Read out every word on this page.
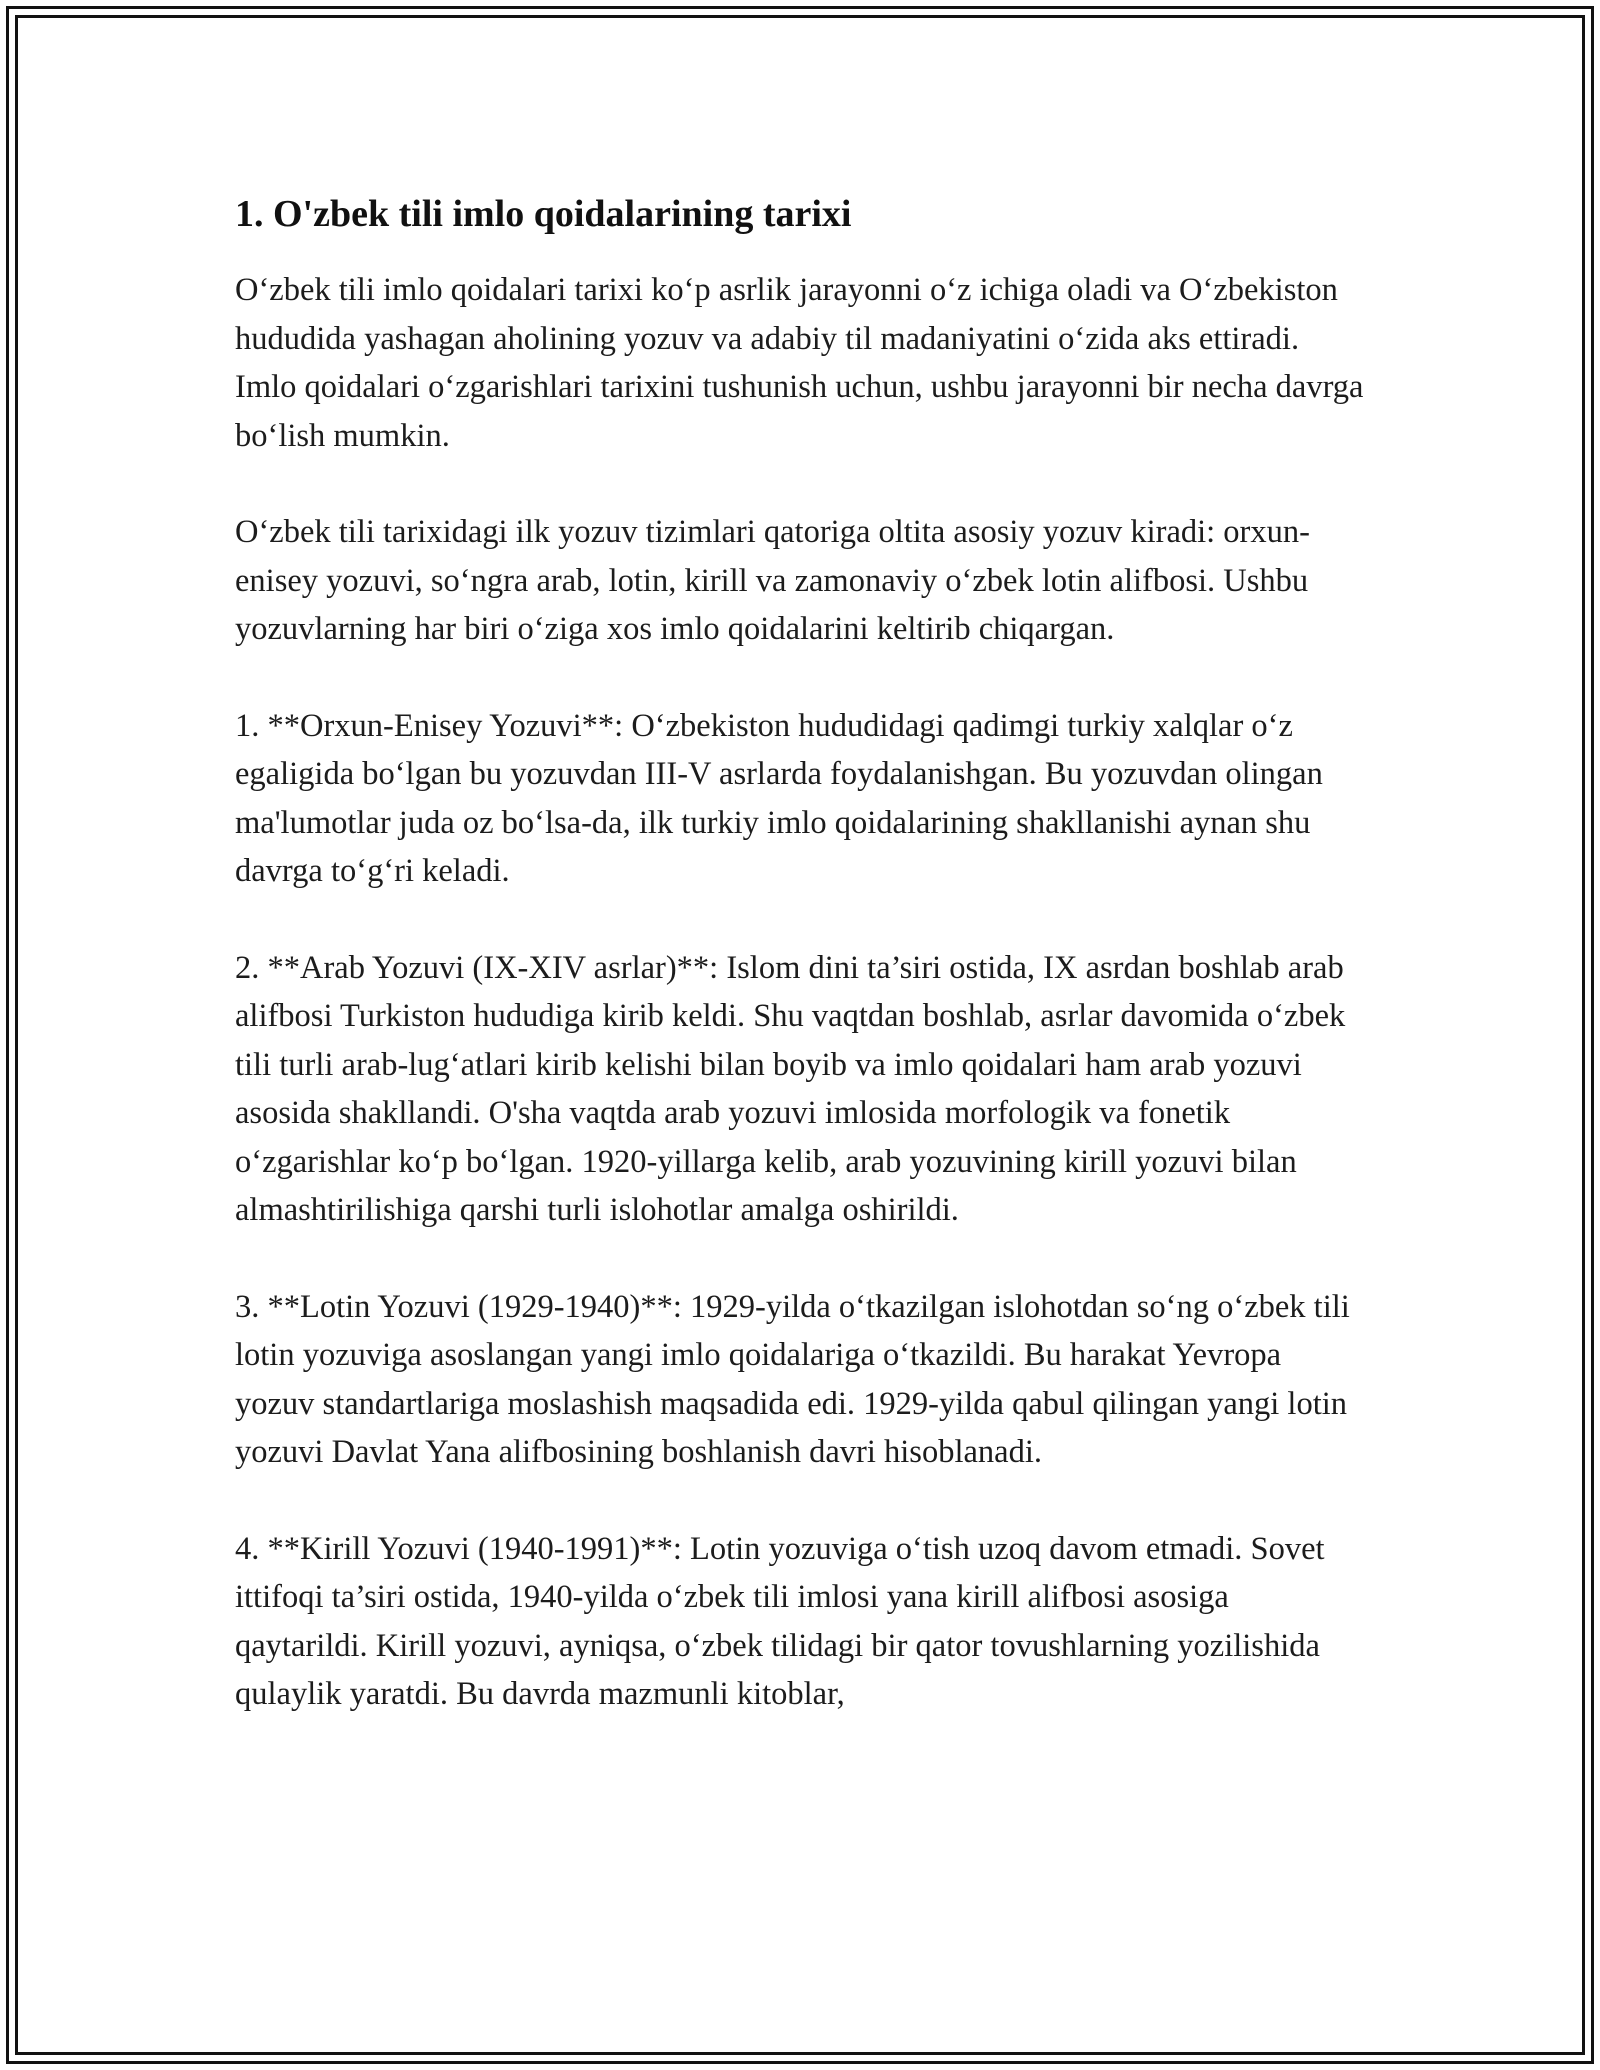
1. O'zbek tili imlo qoidalarining tarixi

O‘zbek tili imlo qoidalari tarixi ko‘p asrlik jarayonni o‘z ichiga oladi va O‘zbekiston hududida yashagan aholining yozuv va adabiy til madaniyatini o‘zida aks ettiradi. Imlo qoidalari o‘zgarishlari tarixini tushunish uchun, ushbu jarayonni bir necha davrga bo‘lish mumkin.

O‘zbek tili tarixidagi ilk yozuv tizimlari qatoriga oltita asosiy yozuv kiradi: orxun-enisey yozuvi, so‘ngra arab, lotin, kirill va zamonaviy o‘zbek lotin alifbosi. Ushbu yozuvlarning har biri o‘ziga xos imlo qoidalarini keltirib chiqargan.

1. **Orxun-Enisey Yozuvi**: O‘zbekiston hududidagi qadimgi turkiy xalqlar o‘z egaligida bo‘lgan bu yozuvdan III-V asrlarda foydalanishgan. Bu yozuvdan olingan ma'lumotlar juda oz bo‘lsa-da, ilk turkiy imlo qoidalarining shakllanishi aynan shu davrga to‘g‘ri keladi.

2. **Arab Yozuvi (IX-XIV asrlar)**: Islom dini ta’siri ostida, IX asrdan boshlab arab alifbosi Turkiston hududiga kirib keldi. Shu vaqtdan boshlab, asrlar davomida o‘zbek tili turli arab-lug‘atlari kirib kelishi bilan boyib va imlo qoidalari ham arab yozuvi asosida shakllandi. O'sha vaqtda arab yozuvi imlosida morfologik va fonetik o‘zgarishlar ko‘p bo‘lgan. 1920-yillarga kelib, arab yozuvining kirill yozuvi bilan almashtirilishiga qarshi turli islohotlar amalga oshirildi.

3. **Lotin Yozuvi (1929-1940)**: 1929-yilda o‘tkazilgan islohotdan so‘ng o‘zbek tili lotin yozuviga asoslangan yangi imlo qoidalariga o‘tkazildi. Bu harakat Yevropa yozuv standartlariga moslashish maqsadida edi. 1929-yilda qabul qilingan yangi lotin yozuvi Davlat Yana alifbosining boshlanish davri hisoblanadi.

4. **Kirill Yozuvi (1940-1991)**: Lotin yozuviga o‘tish uzoq davom etmadi. Sovet ittifoqi ta’siri ostida, 1940-yilda o‘zbek tili imlosi yana kirill alifbosi asosiga qaytarildi. Kirill yozuvi, ayniqsa, o‘zbek tilidagi bir qator tovushlarning yozilishida qulaylik yaratdi. Bu davrda mazmunli kitoblar,
